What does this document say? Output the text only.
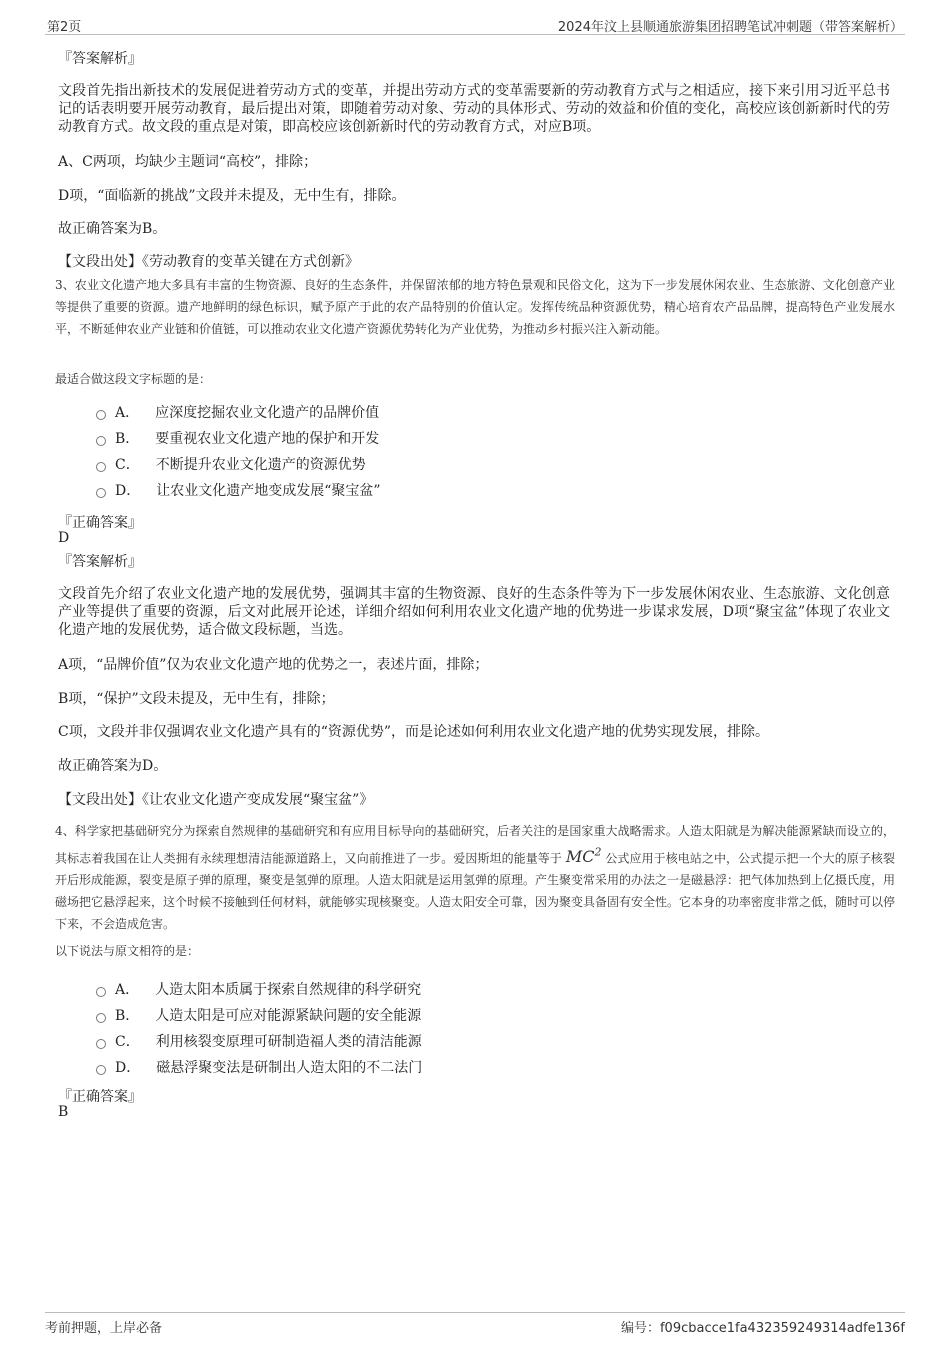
第2页	2024年汶上县顺通旅游集团招聘笔试冲刺题（带答案解析）
『答案解析』
文段首先指出新技术的发展促进着劳动方式的变革，并提出劳动方式的变革需要新的劳动教育方式与之相适应，接下来引用习近平总书记的话表明要开展劳动教育，最后提出对策，即随着劳动对象、劳动的具体形式、劳动的效益和价值的变化，高校应该创新新时代的劳动教育方式。故文段的重点是对策，即高校应该创新新时代的劳动教育方式，对应B项。
A、C两项，均缺少主题词“高校”，排除；
D项，“面临新的挑战”文段并未提及，无中生有，排除。
故正确答案为B。
【文段出处】《劳动教育的变革关键在方式创新》
3、农业文化遗产地大多具有丰富的生物资源、良好的生态条件，并保留浓郁的地方特色景观和民俗文化，这为下一步发展休闲农业、生态旅游、文化创意产业等提供了重要的资源。遗产地鲜明的绿色标识，赋予原产于此的农产品特别的价值认定。发挥传统品种资源优势，精心培育农产品品牌，提高特色产业发展水平，不断延伸农业产业链和价值链，可以推动农业文化遗产资源优势转化为产业优势，为推动乡村振兴注入新动能。
最适合做这段文字标题的是：
A． 应深度挖掘农业文化遗产的品牌价值
B． 要重视农业文化遗产地的保护和开发
C． 不断提升农业文化遗产的资源优势
D． 让农业文化遗产地变成发展“聚宝盆”
『正确答案』
D
『答案解析』
文段首先介绍了农业文化遗产地的发展优势，强调其丰富的生物资源、良好的生态条件等为下一步发展休闲农业、生态旅游、文化创意产业等提供了重要的资源，后文对此展开论述，详细介绍如何利用农业文化遗产地的优势进一步谋求发展，D项“聚宝盆”体现了农业文化遗产地的发展优势，适合做文段标题，当选。
A项，“品牌价值”仅为农业文化遗产地的优势之一，表述片面，排除；
B项，“保护”文段未提及，无中生有，排除；
C项，文段并非仅强调农业文化遗产具有的“资源优势”，而是论述如何利用农业文化遗产地的优势实现发展，排除。
故正确答案为D。
【文段出处】《让农业文化遗产变成发展“聚宝盆”》
4、科学家把基础研究分为探索自然规律的基础研究和有应用目标导向的基础研究，后者关注的是国家重大战略需求。人造太阳就是为解决能源紧缺而设立的，其标志着我国在让人类拥有永续理想清洁能源道路上，又向前推进了一步。爱因斯坦的能量等于 $MC^2$ 公式应用于核电站之中，公式提示把一个大的原子核裂开后形成能源，裂变是原子弹的原理，聚变是氢弹的原理。人造太阳就是运用氢弹的原理。产生聚变常采用的办法之一是磁悬浮：把气体加热到上亿摄氏度，用磁场把它悬浮起来，这个时候不接触到任何材料，就能够实现核聚变。人造太阳安全可靠，因为聚变具备固有安全性。它本身的功率密度非常之低，随时可以停下来，不会造成危害。
以下说法与原文相符的是：
A． 人造太阳本质属于探索自然规律的科学研究
B． 人造太阳是可应对能源紧缺问题的安全能源
C． 利用核裂变原理可研制造福人类的清洁能源
D． 磁悬浮聚变法是研制出人造太阳的不二法门
『正确答案』
B
考前押题，上岸必备	编号：f09cbacce1fa432359249314adfe136f
